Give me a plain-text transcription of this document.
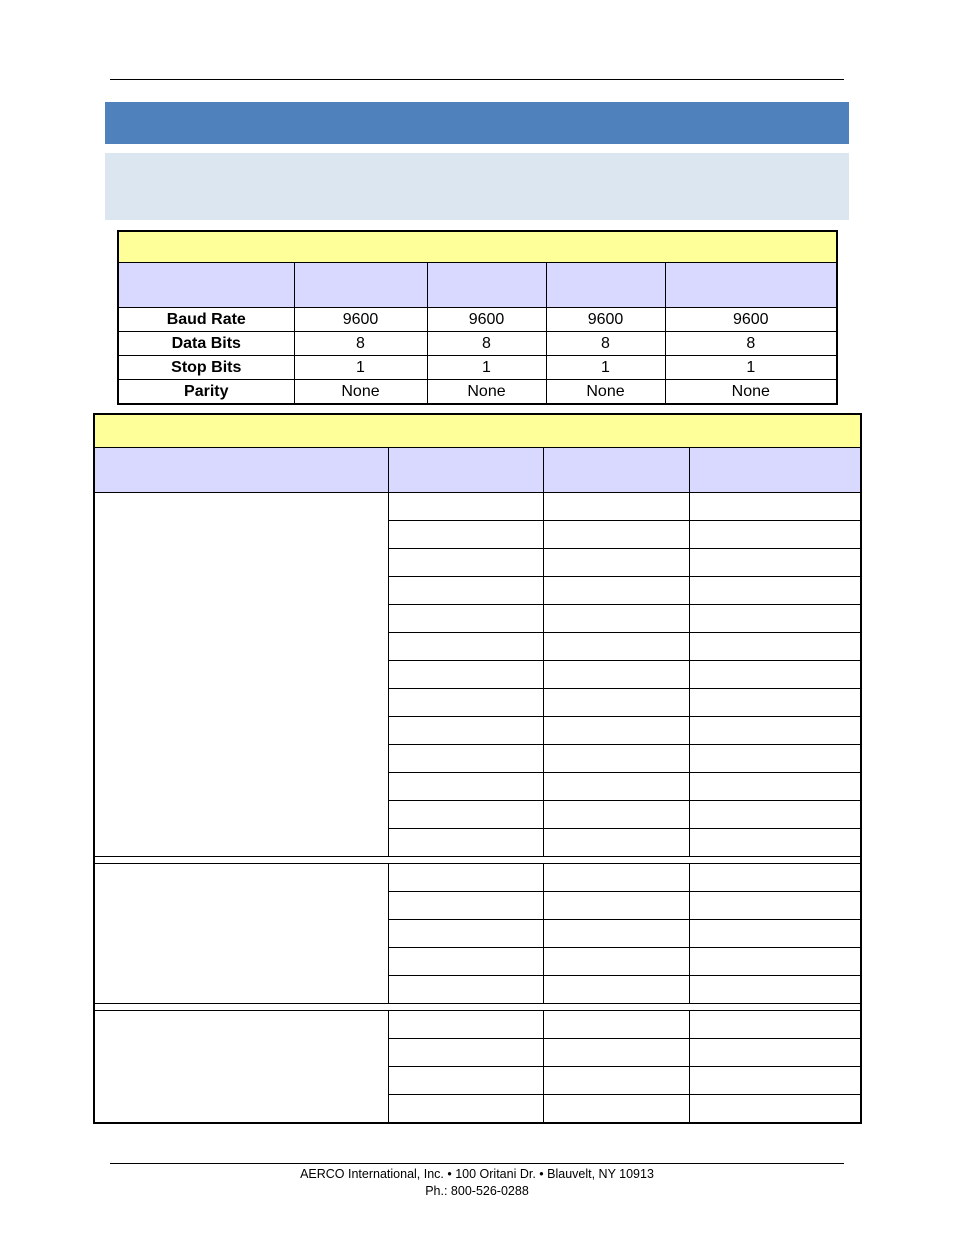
Baud Rate	9600	9600	9600	9600
Data Bits	8	8	8	8
Stop Bits	1	1	1	1
Parity	None	None	None	None

AERCO International, Inc. • 100 Oritani Dr. • Blauvelt, NY 10913
Ph.: 800-526-0288
